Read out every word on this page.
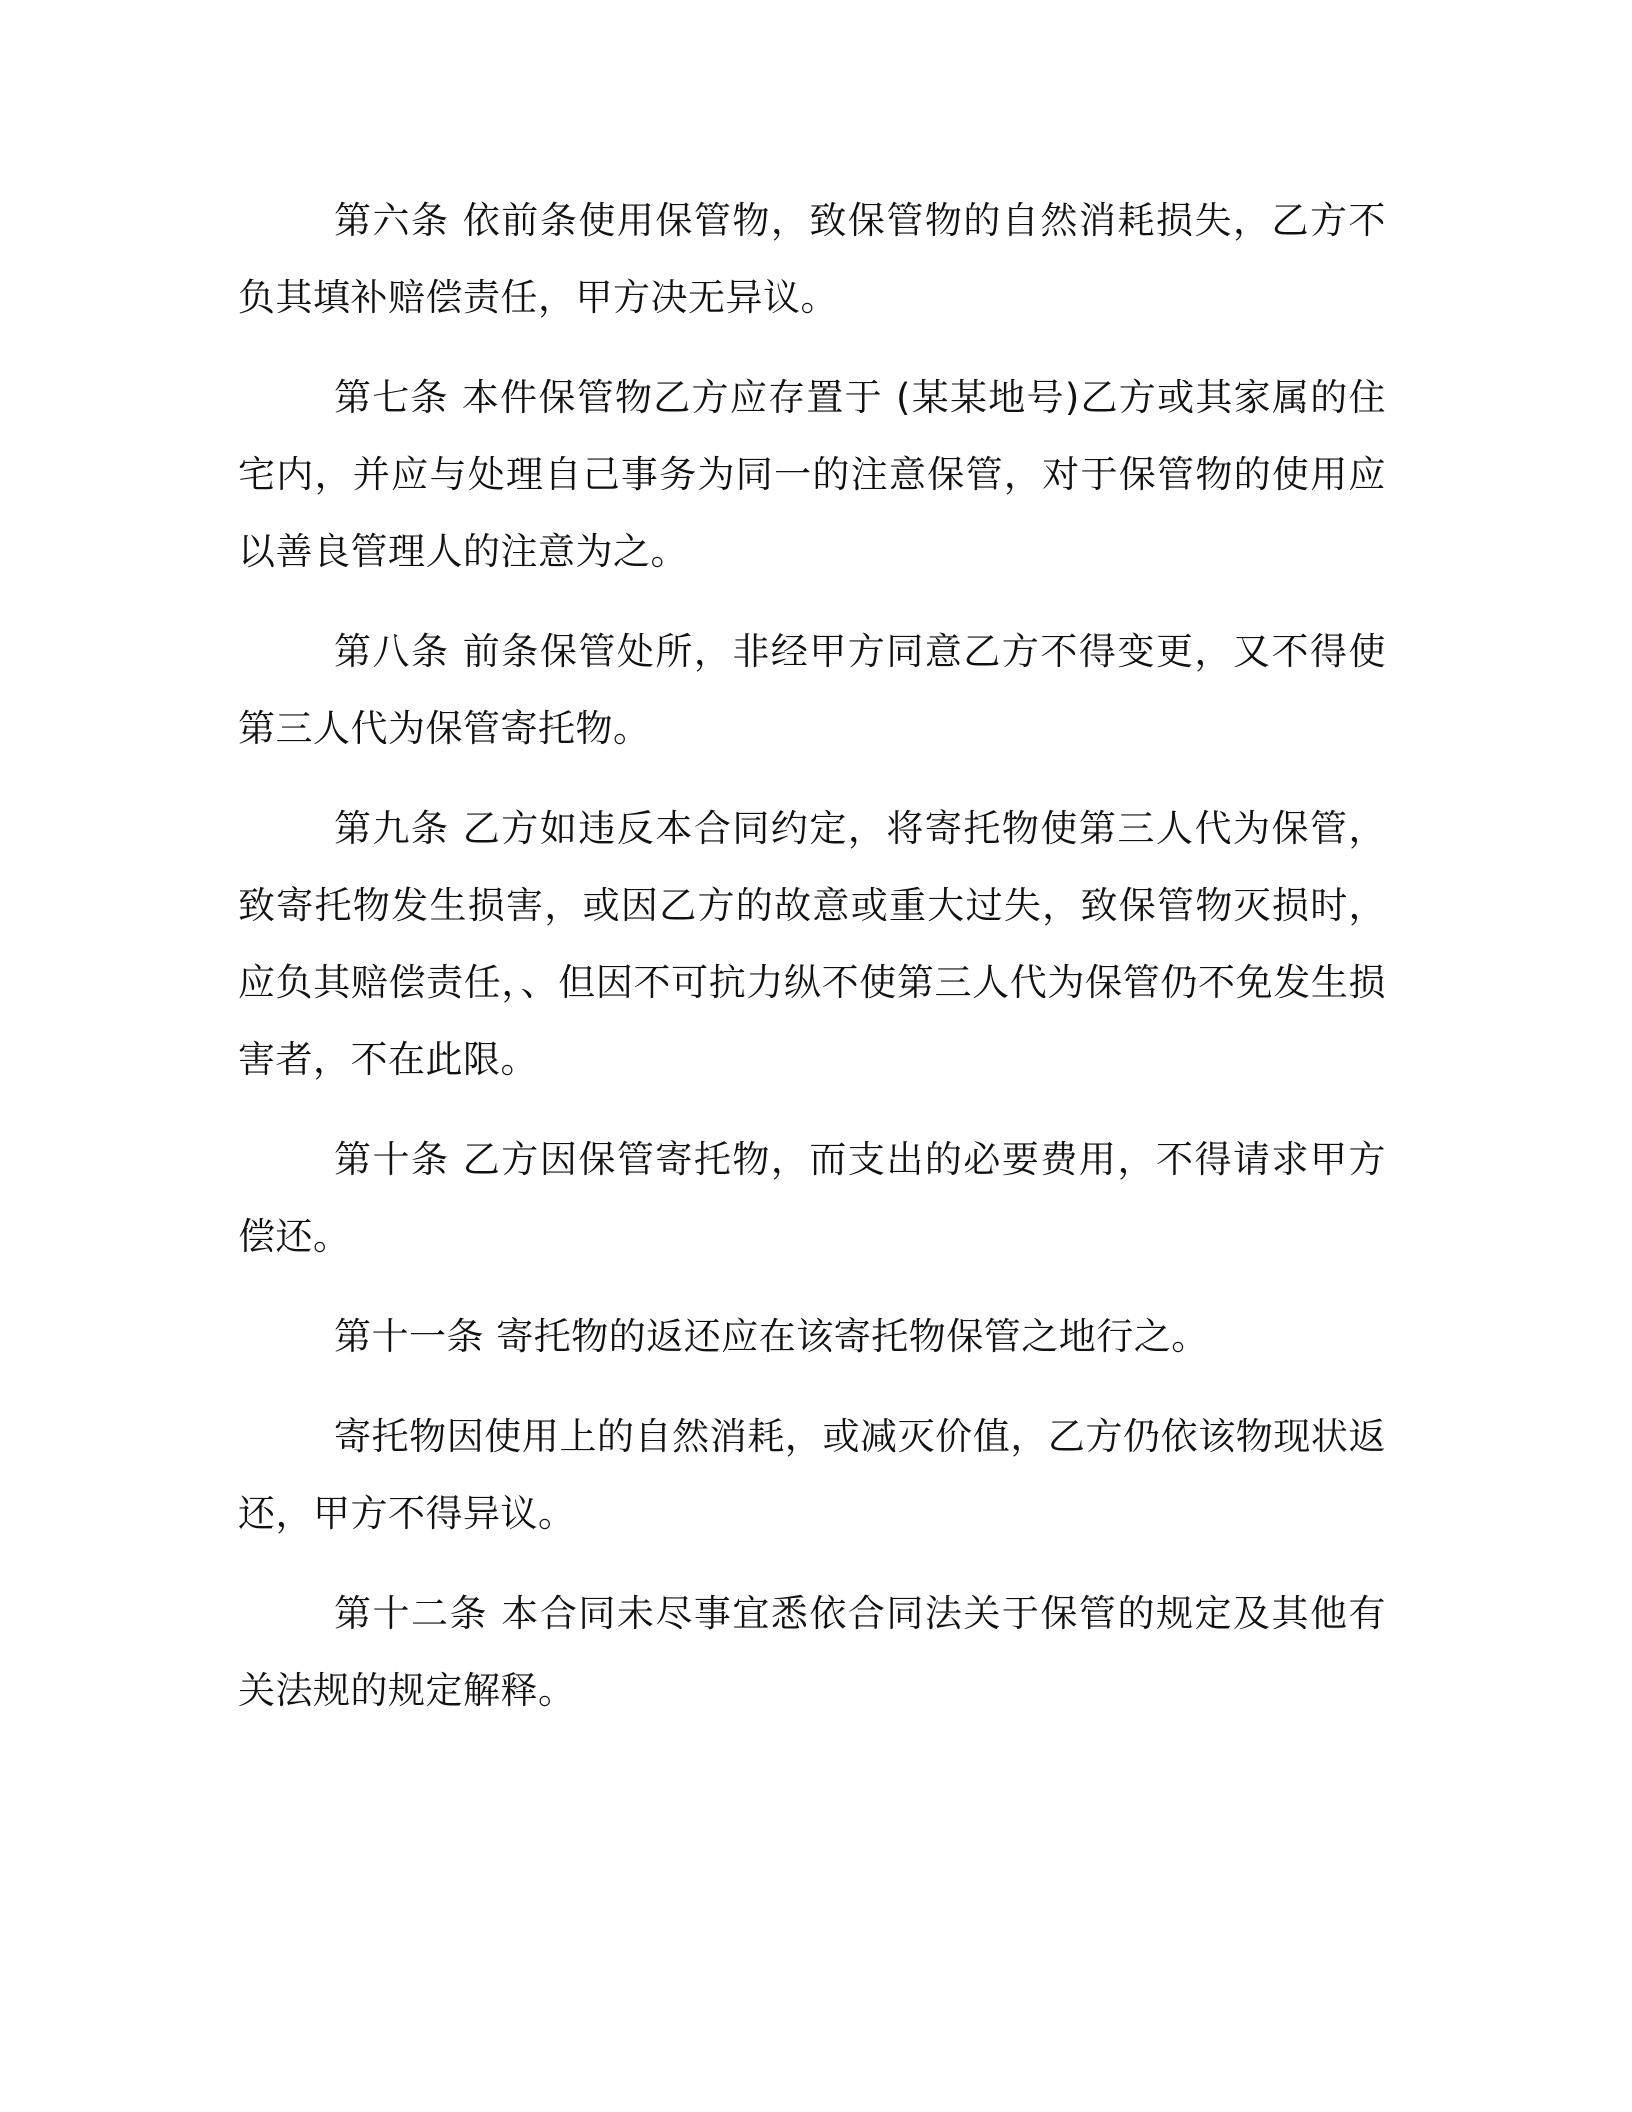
第六条 依前条使用保管物，致保管物的自然消耗损失，乙方不负其填补赔偿责任，甲方决无异议。

第七条 本件保管物乙方应存置于 (某某地号)乙方或其家属的住宅内，并应与处理自己事务为同一的注意保管，对于保管物的使用应以善良管理人的注意为之。

第八条 前条保管处所，非经甲方同意乙方不得变更，又不得使第三人代为保管寄托物。

第九条 乙方如违反本合同约定，将寄托物使第三人代为保管，致寄托物发生损害，或因乙方的故意或重大过失，致保管物灭损时，应负其赔偿责任，、但因不可抗力纵不使第三人代为保管仍不免发生损害者，不在此限。

第十条 乙方因保管寄托物，而支出的必要费用，不得请求甲方偿还。

第十一条 寄托物的返还应在该寄托物保管之地行之。

寄托物因使用上的自然消耗，或减灭价值，乙方仍依该物现状返还，甲方不得异议。

第十二条 本合同未尽事宜悉依合同法关于保管的规定及其他有关法规的规定解释。
